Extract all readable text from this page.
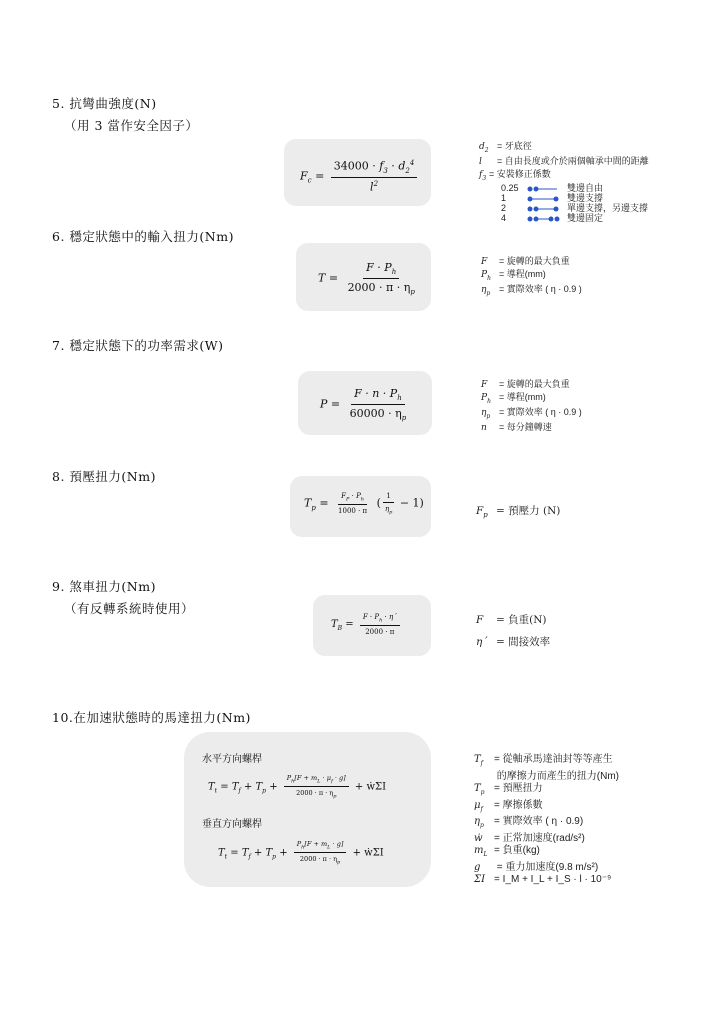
5. 抗彎曲強度(N)
（用 3 當作安全因子）
$F_c = \frac{34000 \cdot f_3 \cdot d_2^4}{l^2}$
$d_2$ = 牙底徑
l = 自由長度或介於兩個軸承中間的距離
$f_3$ = 安裝修正係數
0.25	雙邊自由
1	雙邊支撐
2	單邊支撐，另邊支撐
4	雙邊固定
6. 穩定狀態中的輸入扭力(Nm)
$T = \frac{F \cdot P_h}{2000 \cdot \pi \cdot \eta_p}$	F = 旋轉的最大負重
$P_h$ = 導程(mm)
$\eta_p$ = 實際效率 ( η · 0.9 )
7. 穩定狀態下的功率需求(W)
$P = \frac{F \cdot n \cdot P_h}{60000 \cdot \eta_p}$
F = 旋轉的最大負重
$P_h$ = 導程(mm)
$\eta_p$ = 實際效率 ( η · 0.9 )
n = 每分鐘轉速
8. 預壓扭力(Nm)
$T_p = \frac{F_P \cdot P_h}{1000 \cdot \pi}$ ( $\frac{1}{\eta_p} - 1$)
$F_p$ = 預壓力 (N)
9. 煞車扭力(Nm)
（有反轉系統時使用）
$T_B = \frac{F \cdot P_h \cdot \eta´}{2000 \cdot \pi}$	F = 負重(N)
η´ = 間接效率
10.在加速狀態時的馬達扭力(Nm)
水平方向螺桿
$T_t = T_f + T_p + \frac{P_h[F + m_L \cdot \mu_f \cdot g]}{2000 \cdot \pi \cdot \eta_p}$ + ẇΣI
垂直方向螺桿
$T_t = T_f + T_p + \frac{P_h[F + m_L \cdot g]}{2000 \cdot \pi \cdot \eta_p}$ + ẇΣI
$T_f$ = 從軸承馬達油封等等產生
的摩擦力而產生的扭力(Nm)
$T_p$ = 預壓扭力
$\mu_f$ = 摩擦係數
$\eta_p$ = 實際效率 ( η · 0.9)
ẇ = 正常加速度(rad/s²)
$m_L$ = 負重(kg)
g = 重力加速度(9.8 m/s²)
ΣI = I_M + I_L + I_S · l · 10⁻⁹
